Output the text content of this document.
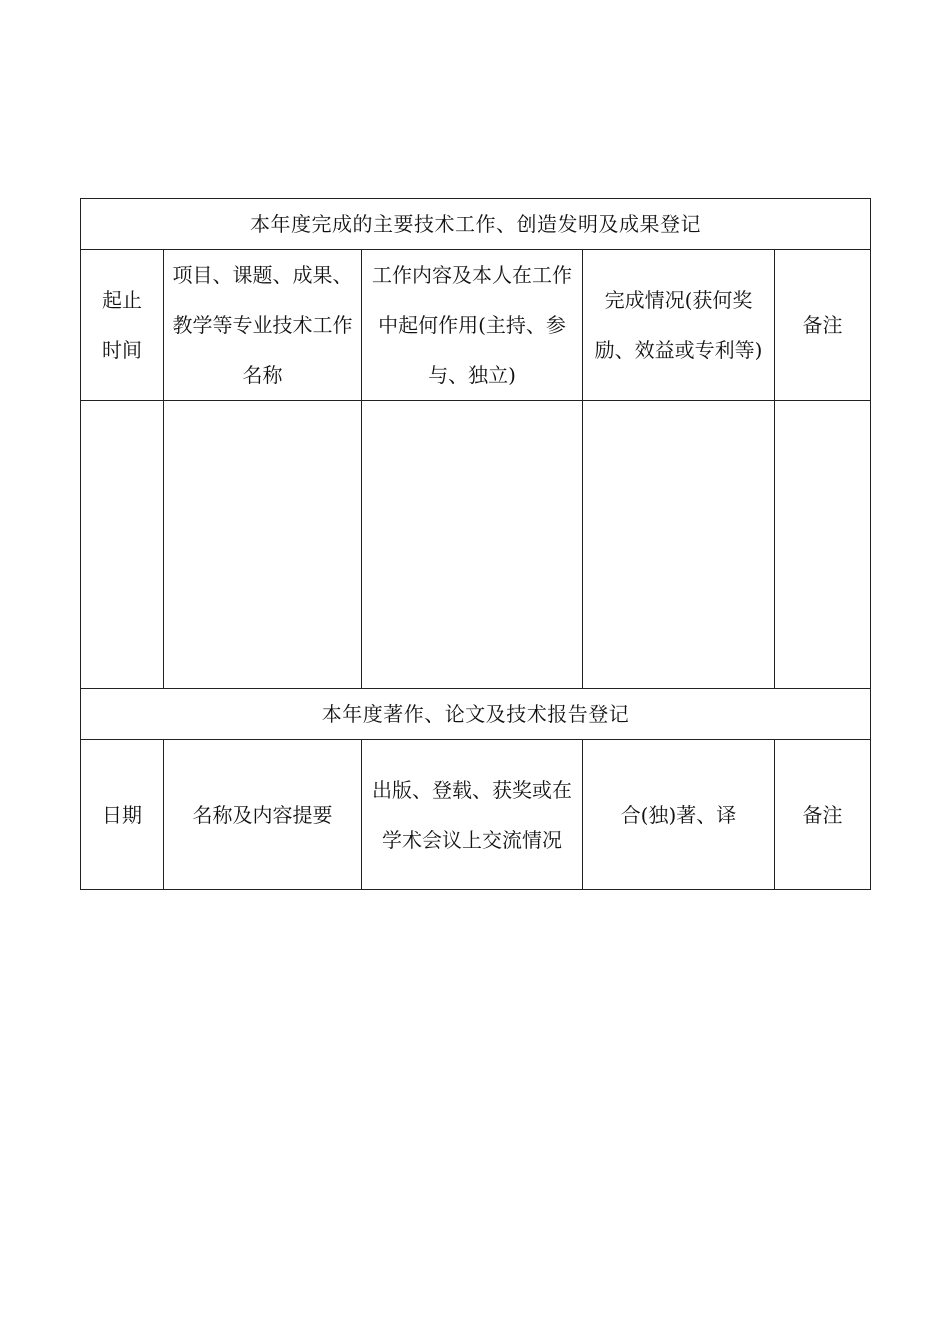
本年度完成的主要技术工作、创造发明及成果登记				
起止时间	项目、课题、成果、教学等专业技术工作名称	工作内容及本人在工作中起何作用(主持、参与、独立)	完成情况(获何奖励、效益或专利等)	备注

本年度著作、论文及技术报告登记				
日期	名称及内容提要	出版、登载、获奖或在学术会议上交流情况	合(独)著、译	备注
